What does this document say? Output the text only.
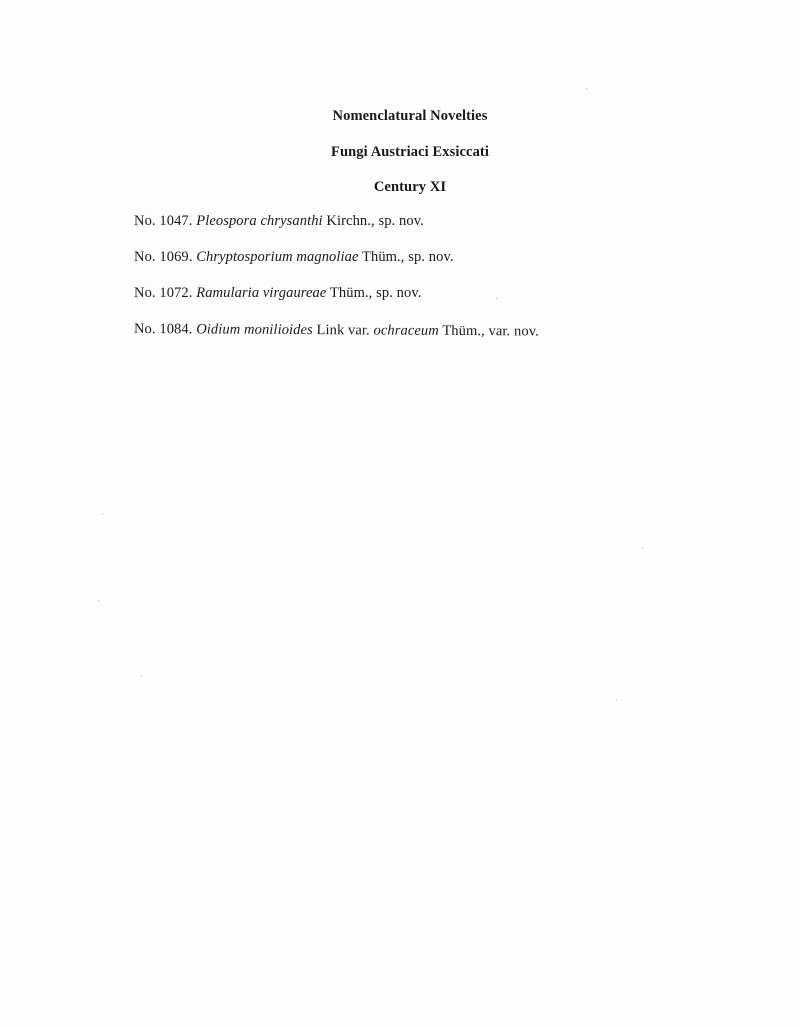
Nomenclatural Novelties
Fungi Austriaci Exsiccati
Century XI
No. 1047. Pleospora chrysanthi Kirchn., sp. nov.
No. 1069. Chryptosporium magnoliae Thüm., sp. nov.
No. 1072. Ramularia virgaureae Thüm., sp. nov.
No. 1084. Oidium monilioides Link var. ochraceum Thüm., var. nov.
